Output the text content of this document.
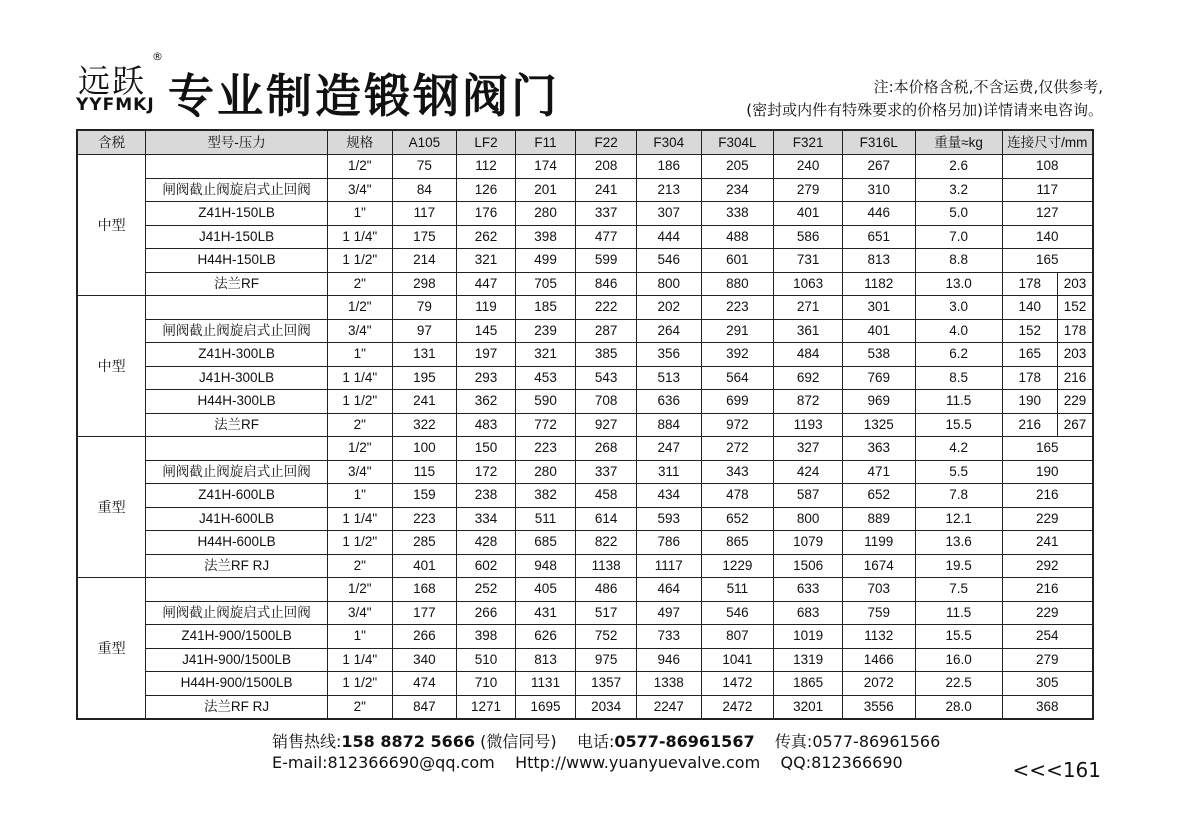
远跃
®
YYFMKJ 专业制造锻钢阀门	注:本价格含税,不含运费,仅供参考,
(密封或内件有特殊要求的价格另加)详情请来电咨询。
含税	型号-压力	规格	A105	LF2	F11	F22	F304	F304L	F321	F316L	重量≈kg	连接尺寸/mm	
中型		1/2"	75	112	174	208	186	205	240	267	2.6	108	
	闸阀截止阀旋启式止回阀	3/4"	84	126	201	241	213	234	279	310	3.2	117	
	Z41H-150LB	1"	117	176	280	337	307	338	401	446	5.0	127	
	J41H-150LB	1 1/4"	175	262	398	477	444	488	586	651	7.0	140	
	H44H-150LB	1 1/2"	214	321	499	599	546	601	731	813	8.8	165	
	法兰RF	2"	298	447	705	846	800	880	1063	1182	13.0	178	203
中型		1/2"	79	119	185	222	202	223	271	301	3.0	140	152
	闸阀截止阀旋启式止回阀	3/4"	97	145	239	287	264	291	361	401	4.0	152	178
	Z41H-300LB	1"	131	197	321	385	356	392	484	538	6.2	165	203
	J41H-300LB	1 1/4"	195	293	453	543	513	564	692	769	8.5	178	216
	H44H-300LB	1 1/2"	241	362	590	708	636	699	872	969	11.5	190	229
	法兰RF	2"	322	483	772	927	884	972	1193	1325	15.5	216	267
重型		1/2"	100	150	223	268	247	272	327	363	4.2	165	
	闸阀截止阀旋启式止回阀	3/4"	115	172	280	337	311	343	424	471	5.5	190	
	Z41H-600LB	1"	159	238	382	458	434	478	587	652	7.8	216	
	J41H-600LB	1 1/4"	223	334	511	614	593	652	800	889	12.1	229	
	H44H-600LB	1 1/2"	285	428	685	822	786	865	1079	1199	13.6	241	
	法兰RF RJ	2"	401	602	948	1138	1117	1229	1506	1674	19.5	292	
重型		1/2"	168	252	405	486	464	511	633	703	7.5	216	
	闸阀截止阀旋启式止回阀	3/4"	177	266	431	517	497	546	683	759	11.5	229	
	Z41H-900/1500LB	1"	266	398	626	752	733	807	1019	1132	15.5	254	
	J41H-900/1500LB	1 1/4"	340	510	813	975	946	1041	1319	1466	16.0	279	
	H44H-900/1500LB	1 1/2"	474	710	1131	1357	1338	1472	1865	2072	22.5	305	
	法兰RF RJ	2"	847	1271	1695	2034	2247	2472	3201	3556	28.0	368	
销售热线:158 8872 5666 (微信同号) 电话:0577-86961567 传真:0577-86961566
E-mail:812366690@qq.com Http://www.yuanyuevalve.com QQ:812366690	<<<161
